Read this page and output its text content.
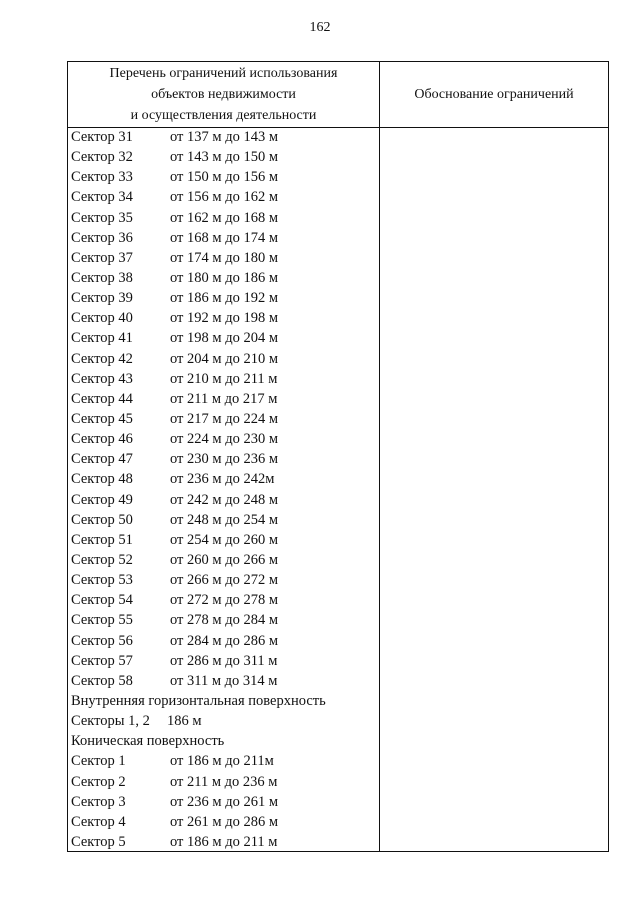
162
Перечень ограничений использования
объектов недвижимости
и осуществления деятельности
Обоснование ограничений
Сектор 31	от 137 м до 143 м
Сектор 32	от 143 м до 150 м
Сектор 33	от 150 м до 156 м
Сектор 34	от 156 м до 162 м
Сектор 35	от 162 м до 168 м
Сектор 36	от 168 м до 174 м
Сектор 37	от 174 м до 180 м
Сектор 38	от 180 м до 186 м
Сектор 39	от 186 м до 192 м
Сектор 40	от 192 м до 198 м
Сектор 41	от 198 м до 204 м
Сектор 42	от 204 м до 210 м
Сектор 43	от 210 м до 211 м
Сектор 44	от 211 м до 217 м
Сектор 45	от 217 м до 224 м
Сектор 46	от 224 м до 230 м
Сектор 47	от 230 м до 236 м
Сектор 48	от 236 м до 242м
Сектор 49	от 242 м до 248 м
Сектор 50	от 248 м до 254 м
Сектор 51	от 254 м до 260 м
Сектор 52	от 260 м до 266 м
Сектор 53	от 266 м до 272 м
Сектор 54	от 272 м до 278 м
Сектор 55	от 278 м до 284 м
Сектор 56	от 284 м до 286 м
Сектор 57	от 286 м до 311 м
Сектор 58	от 311 м до 314 м
Внутренняя горизонтальная поверхность
Секторы 1, 2 186 м
Коническая поверхность
Сектор 1	от 186 м до 211м
Сектор 2	от 211 м до 236 м
Сектор 3	от 236 м до 261 м
Сектор 4	от 261 м до 286 м
Сектор 5	от 186 м до 211 м
